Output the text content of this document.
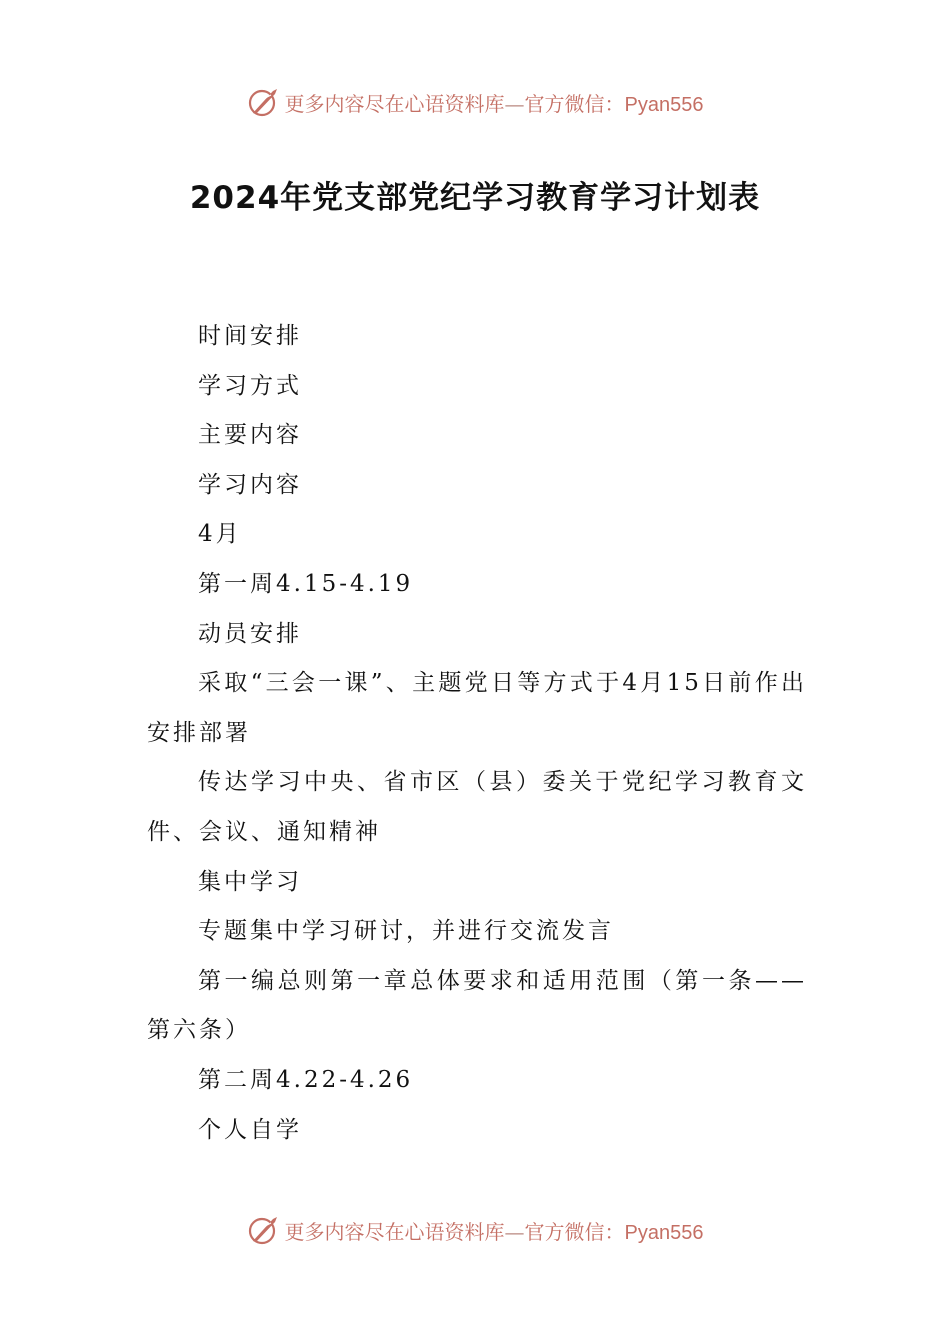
更多内容尽在心语资料库—官方微信：Pyan556
2024年党支部党纪学习教育学习计划表

时间安排

学习方式

主要内容

学习内容

4月

第一周4.15-4.19

动员安排

采取“三会一课”、主题党日等方式于4月15日前作出安排部署

传达学习中央、省市区（县）委关于党纪学习教育文件、会议、通知精神

集中学习

专题集中学习研讨，并进行交流发言

第一编总则第一章总体要求和适用范围（第一条——第六条）

第二周4.22-4.26

个人自学

更多内容尽在心语资料库—官方微信：Pyan556
